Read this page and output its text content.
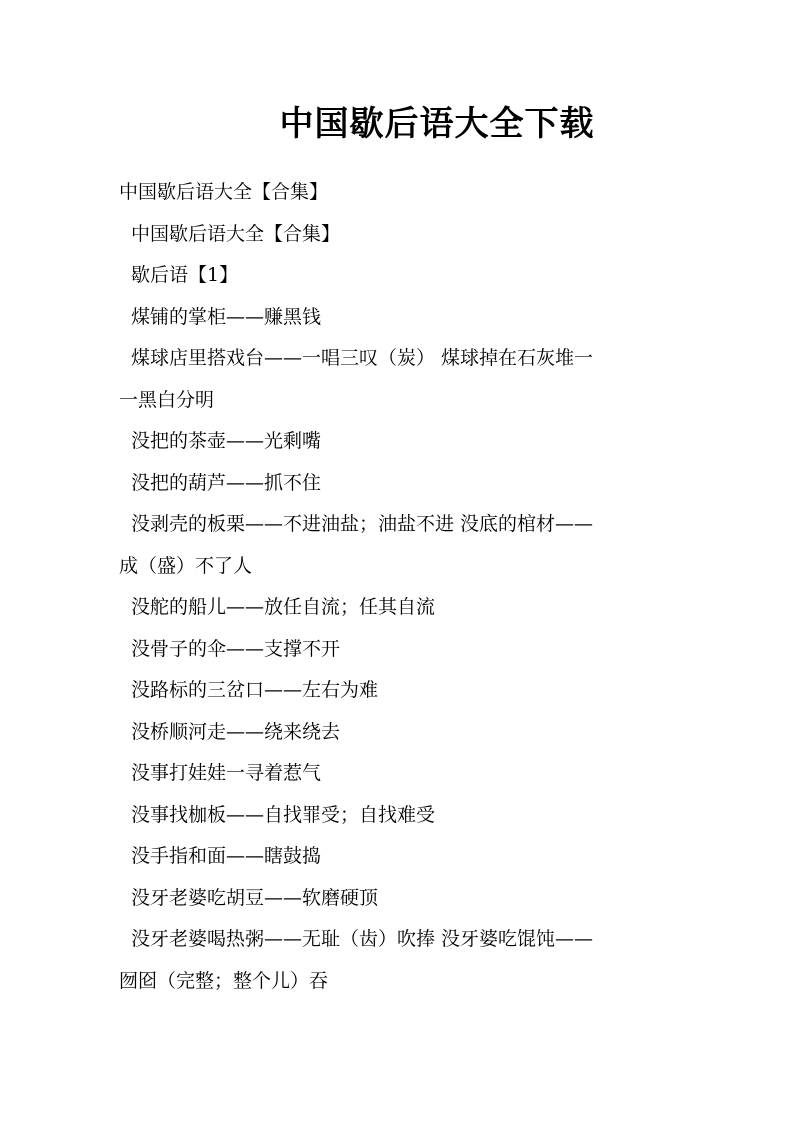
中国歇后语大全下载
中国歇后语大全【合集】
中国歇后语大全【合集】
歇后语【1】
煤铺的掌柜——赚黑钱
煤球店里搭戏台——一唱三叹（炭） 煤球掉在石灰堆一
一黑白分明
没把的茶壶——光剩嘴
没把的葫芦——抓不住
没剥壳的板栗——不进油盐；油盐不进 没底的棺材——
成（盛）不了人
没舵的船儿——放任自流；任其自流
没骨子的伞——支撑不开
没路标的三岔口——左右为难
没桥顺河走——绕来绕去
没事打娃娃一寻着惹气
没事找枷板——自找罪受；自找难受
没手指和面——瞎鼓捣
没牙老婆吃胡豆——软磨硬顶
没牙老婆喝热粥——无耻（齿）吹捧 没牙婆吃馄饨——
囫囵（完整；整个儿）吞
